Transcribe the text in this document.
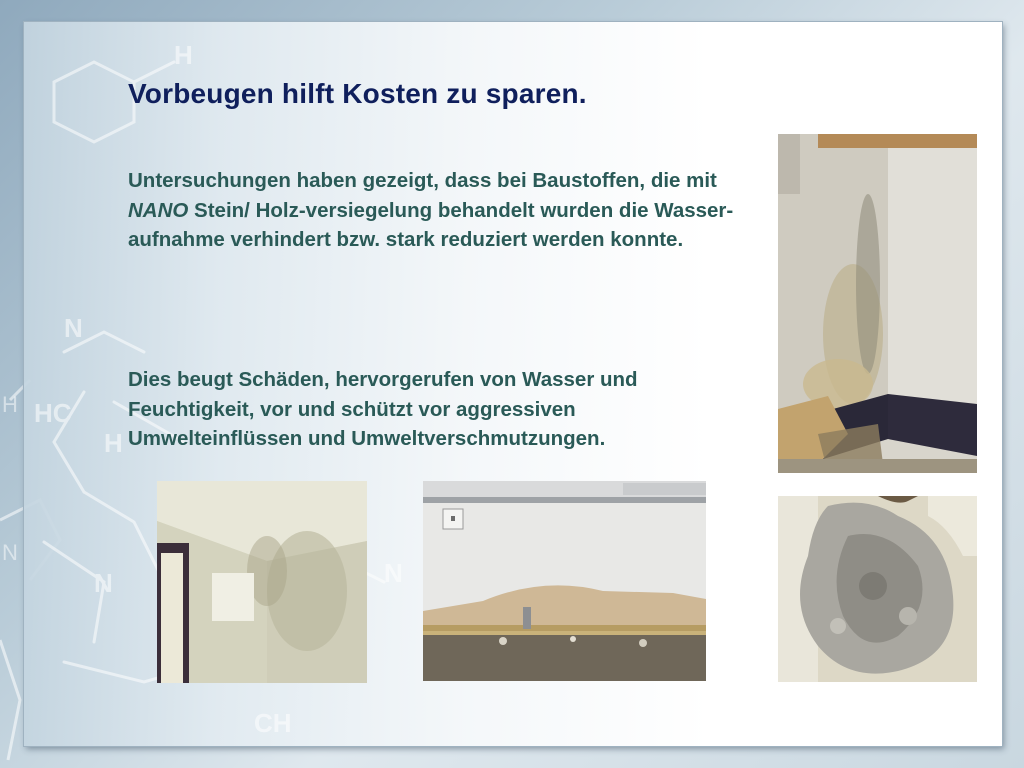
H
N
H
N
HC
H
N	N
CH
Vorbeugen hilft Kosten zu sparen.

Untersuchungen haben gezeigt, dass bei Baustoffen, die mit NANO Stein/ Holz-versiegelung behandelt wurden die Wasser-aufnahme verhindert bzw. stark reduziert werden konnte.

Dies beugt Schäden, hervorgerufen von Wasser und Feuchtigkeit, vor und schützt vor aggressiven Umwelteinflüssen und Umweltverschmutzungen.
